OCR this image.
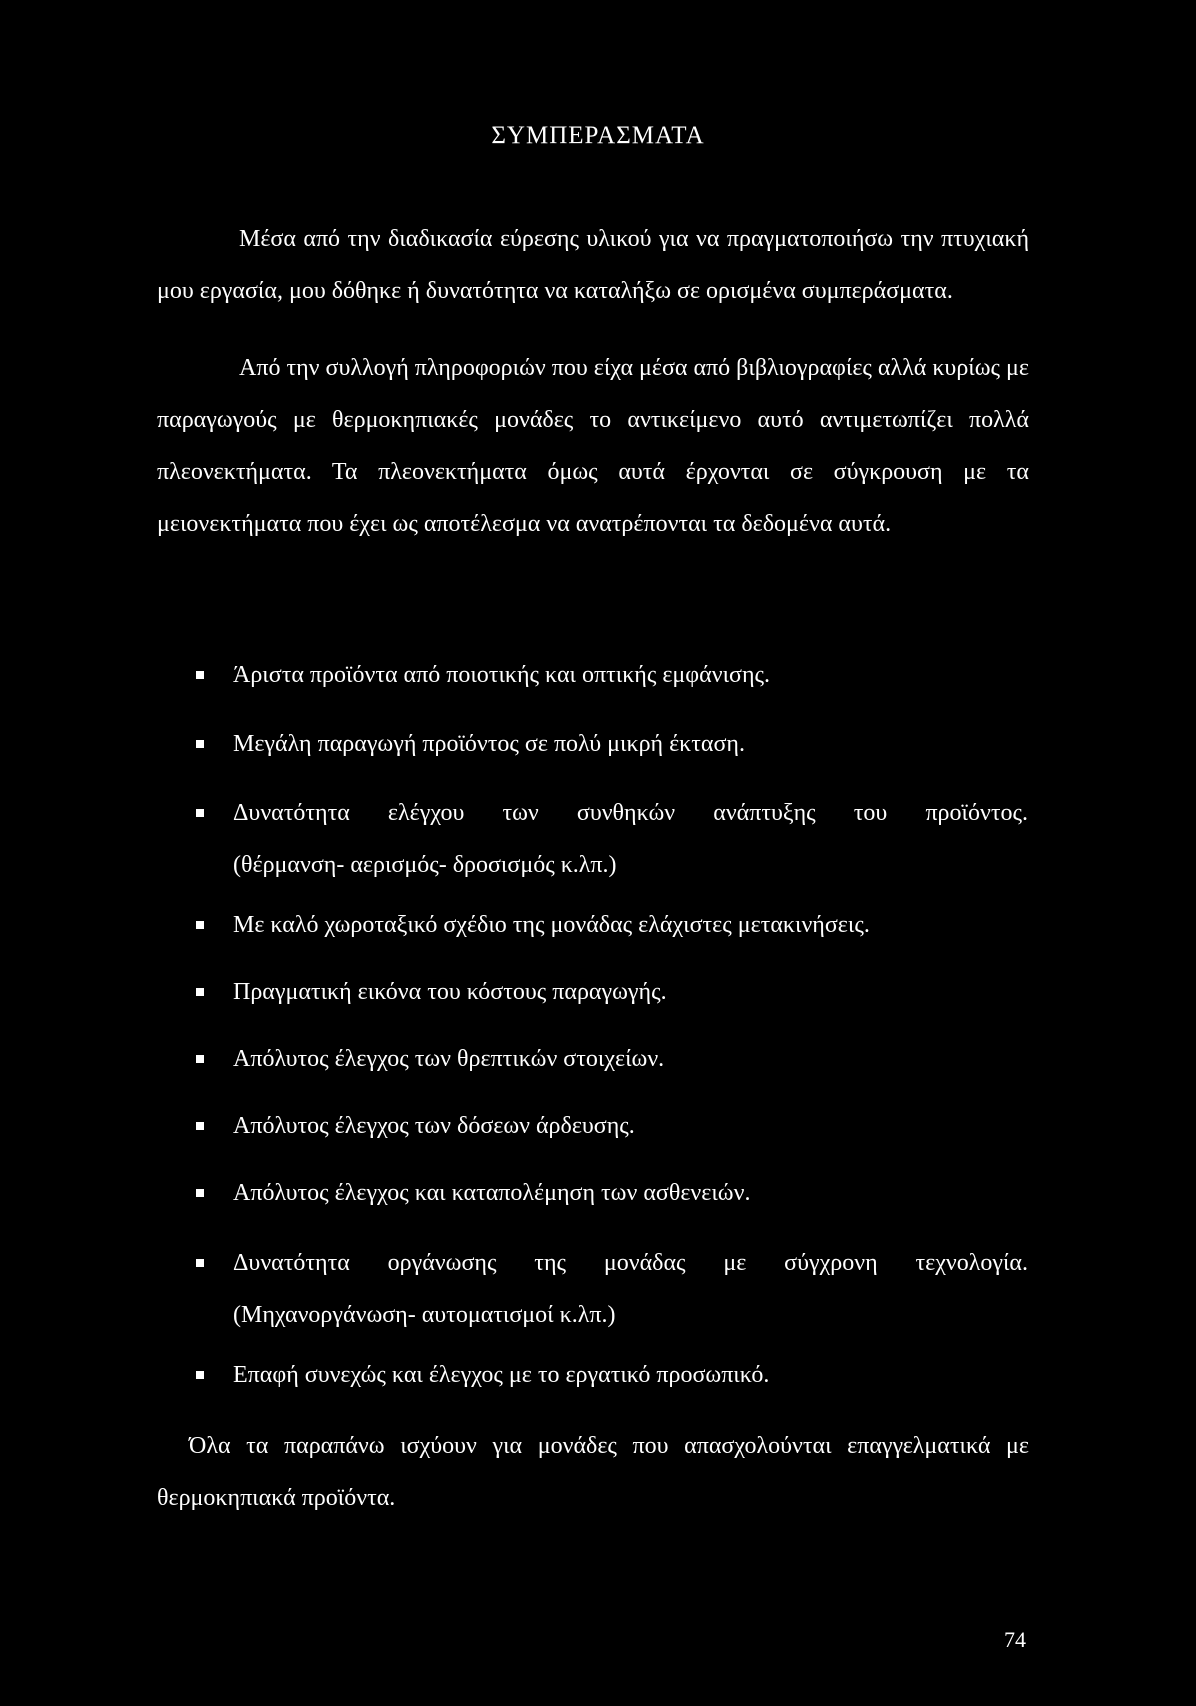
ΣΥΜΠΕΡΑΣΜΑΤΑ

Μέσα από την διαδικασία εύρεσης υλικού για να πραγματοποιήσω την πτυχιακή μου εργασία, μου δόθηκε ή δυνατότητα να καταλήξω σε ορισμένα συμπεράσματα.

Από την συλλογή πληροφοριών που είχα μέσα από βιβλιογραφίες αλλά κυρίως με παραγωγούς με θερμοκηπιακές μονάδες το αντικείμενο αυτό αντιμετωπίζει πολλά πλεονεκτήματα. Τα πλεονεκτήματα όμως αυτά έρχονται σε σύγκρουση με τα μειονεκτήματα που έχει ως αποτέλεσμα να ανατρέπονται τα δεδομένα αυτά.

Άριστα προϊόντα από ποιοτικής και οπτικής εμφάνισης.
Μεγάλη παραγωγή προϊόντος σε πολύ μικρή έκταση.
Δυνατότητα ελέγχου των συνθηκών ανάπτυξης του προϊόντος.
(θέρμανση- αερισμός- δροσισμός κ.λπ.)
Με καλό χωροταξικό σχέδιο της μονάδας ελάχιστες μετακινήσεις.
Πραγματική εικόνα του κόστους παραγωγής.
Απόλυτος έλεγχος των θρεπτικών στοιχείων.
Απόλυτος έλεγχος των δόσεων άρδευσης.
Απόλυτος έλεγχος και καταπολέμηση των ασθενειών.
Δυνατότητα οργάνωσης της μονάδας με σύγχρονη τεχνολογία.
(Μηχανοργάνωση- αυτοματισμοί κ.λπ.)
Επαφή συνεχώς και έλεγχος με το εργατικό προσωπικό.

Όλα τα παραπάνω ισχύουν για μονάδες που απασχολούνται επαγγελματικά με θερμοκηπιακά προϊόντα.

74
